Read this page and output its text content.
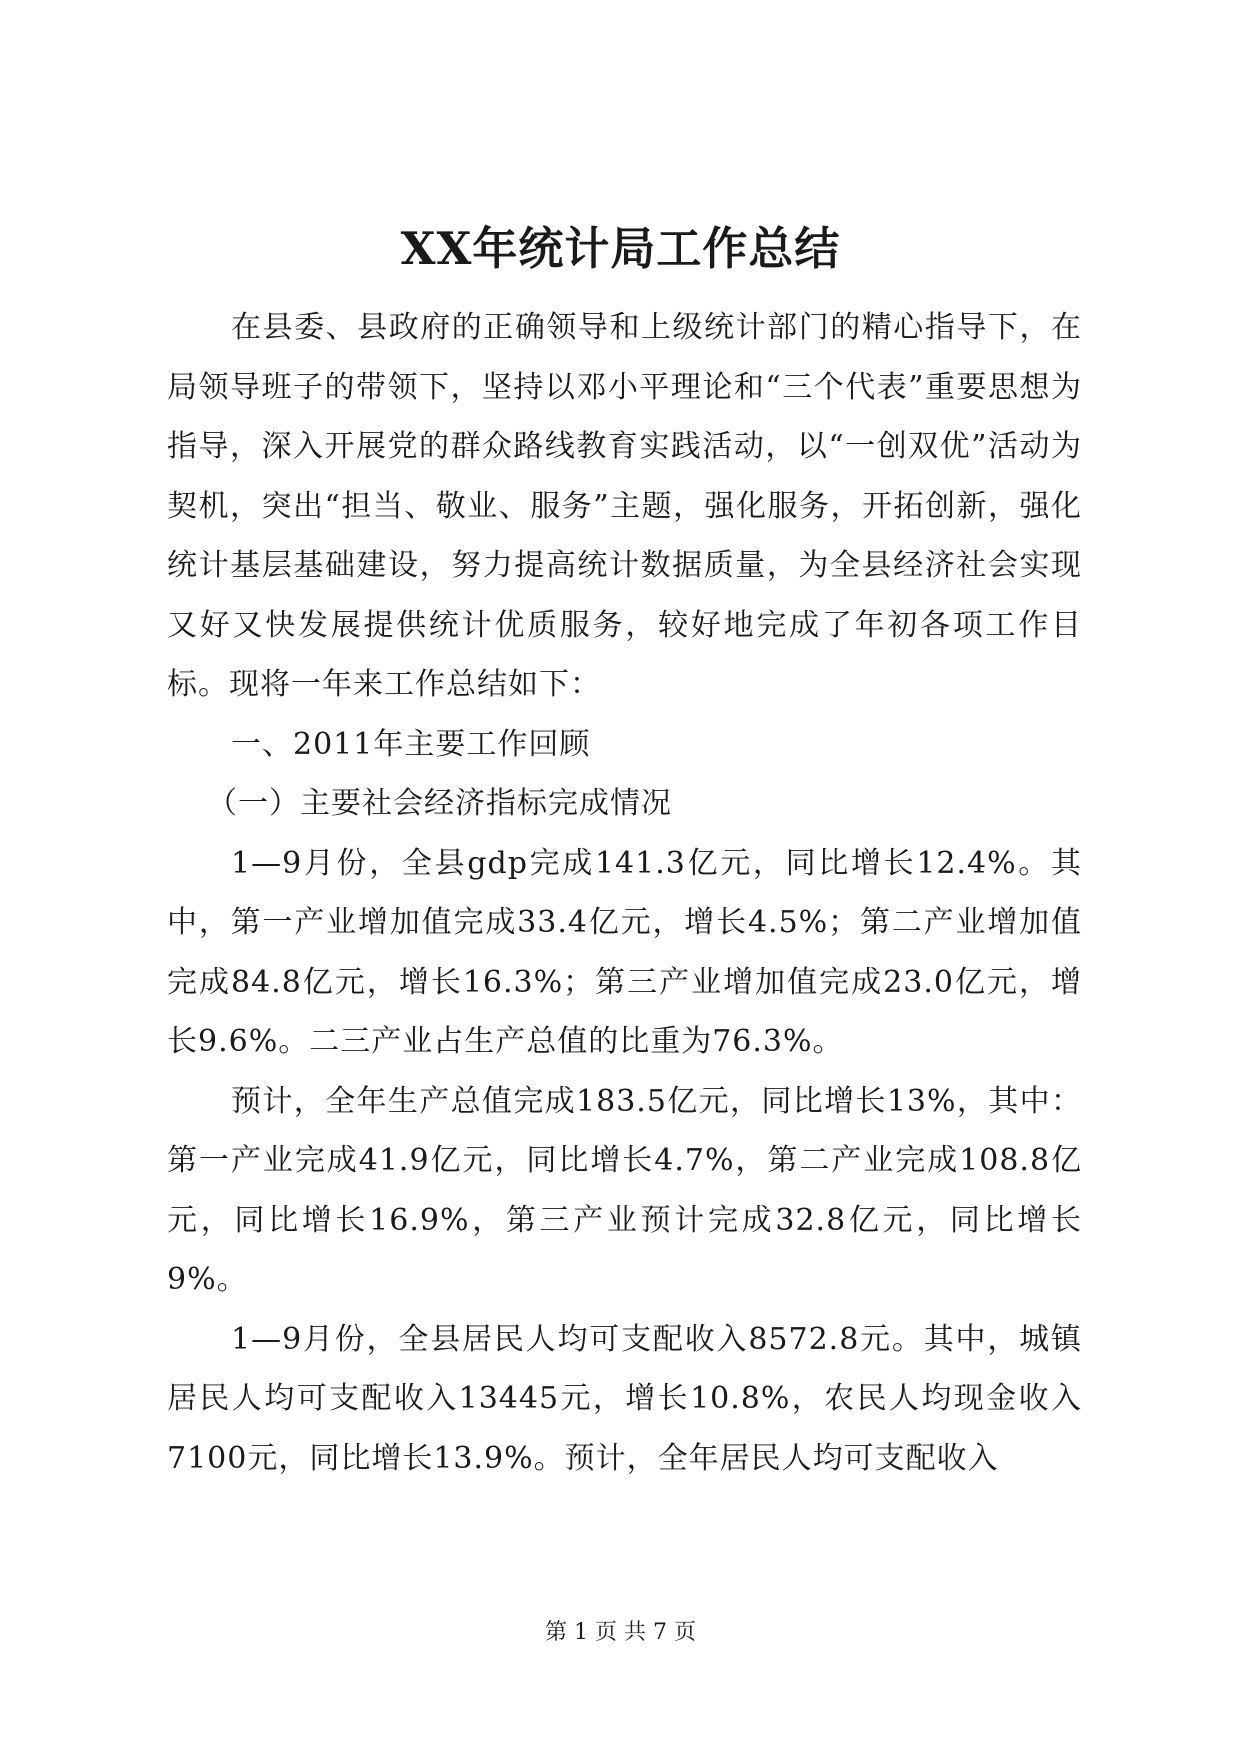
XX年统计局工作总结

在县委、县政府的正确领导和上级统计部门的精心指导下，在局领导班子的带领下，坚持以邓小平理论和“三个代表”重要思想为指导，深入开展党的群众路线教育实践活动，以“一创双优”活动为契机，突出“担当、敬业、服务”主题，强化服务，开拓创新，强化统计基层基础建设，努力提高统计数据质量，为全县经济社会实现又好又快发展提供统计优质服务，较好地完成了年初各项工作目标。现将一年来工作总结如下：

一、2011年主要工作回顾

（一）主要社会经济指标完成情况

1—9月份，全县gdp完成141.3亿元，同比增长12.4%。其中，第一产业增加值完成33.4亿元，增长4.5%；第二产业增加值完成84.8亿元，增长16.3%；第三产业增加值完成23.0亿元，增长9.6%。二三产业占生产总值的比重为76.3%。

预计，全年生产总值完成183.5亿元，同比增长13%，其中：第一产业完成41.9亿元，同比增长4.7%，第二产业完成108.8亿元，同比增长16.9%，第三产业预计完成32.8亿元，同比增长9%。

1—9月份，全县居民人均可支配收入8572.8元。其中，城镇居民人均可支配收入13445元，增长10.8%，农民人均现金收入7100元，同比增长13.9%。预计，全年居民人均可支配收入

第 1 页 共 7 页
